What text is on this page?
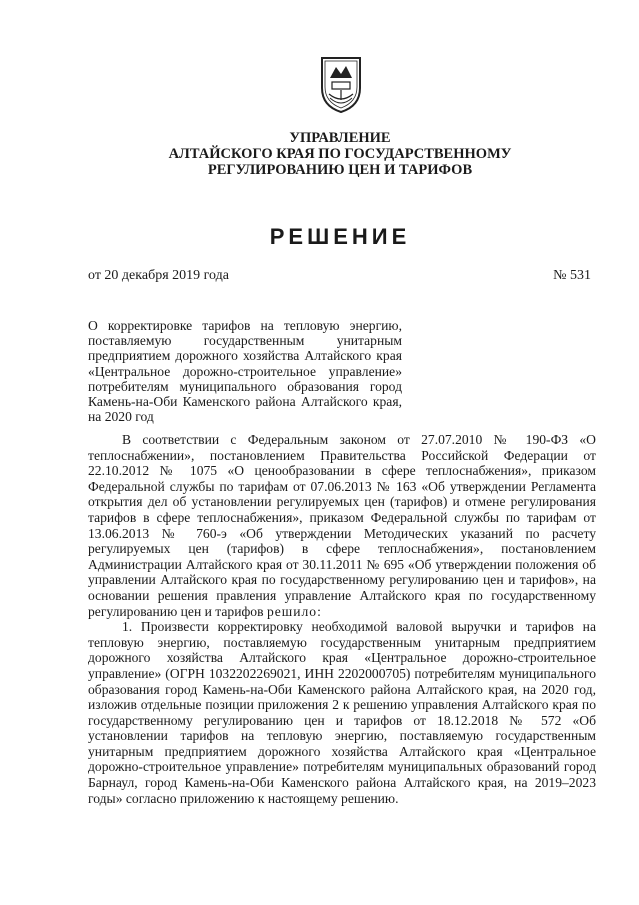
УПРАВЛЕНИЕ
АЛТАЙСКОГО КРАЯ ПО ГОСУДАРСТВЕННОМУ
РЕГУЛИРОВАНИЮ ЦЕН И ТАРИФОВ
РЕШЕНИЕ
от 20 декабря 2019 года	№ 531
О корректировке тарифов на тепловую энергию, поставляемую государственным унитарным предприятием дорожного хозяйства Алтайского края «Центральное дорожно-строительное управление» потребителям муниципального образования город Камень-на-Оби Каменского района Алтайского края, на 2020 год

В соответствии с Федеральным законом от 27.07.2010 № 190-ФЗ «О теплоснабжении», постановлением Правительства Российской Федерации от 22.10.2012 № 1075 «О ценообразовании в сфере теплоснабжения», приказом Федеральной службы по тарифам от 07.06.2013 № 163 «Об утверждении Регламента открытия дел об установлении регулируемых цен (тарифов) и отмене регулирования тарифов в сфере теплоснабжения», приказом Федеральной службы по тарифам от 13.06.2013 № 760-э «Об утверждении Методических указаний по расчету регулируемых цен (тарифов) в сфере теплоснабжения», постановлением Администрации Алтайского края от 30.11.2011 № 695 «Об утверждении положения об управлении Алтайского края по государственному регулированию цен и тарифов», на основании решения правления управление Алтайского края по государственному регулированию цен и тарифов решило:

1. Произвести корректировку необходимой валовой выручки и тарифов на тепловую энергию, поставляемую государственным унитарным предприятием дорожного хозяйства Алтайского края «Центральное дорожно-строительное управление» (ОГРН 1032202269021, ИНН 2202000705) потребителям муниципального образования город Камень-на-Оби Каменского района Алтайского края, на 2020 год, изложив отдельные позиции приложения 2 к решению управления Алтайского края по государственному регулированию цен и тарифов от 18.12.2018 № 572 «Об установлении тарифов на тепловую энергию, поставляемую государственным унитарным предприятием дорожного хозяйства Алтайского края «Центральное дорожно-строительное управление» потребителям муниципальных образований город Барнаул, город Камень-на-Оби Каменского района Алтайского края, на 2019–2023 годы» согласно приложению к настоящему решению.
